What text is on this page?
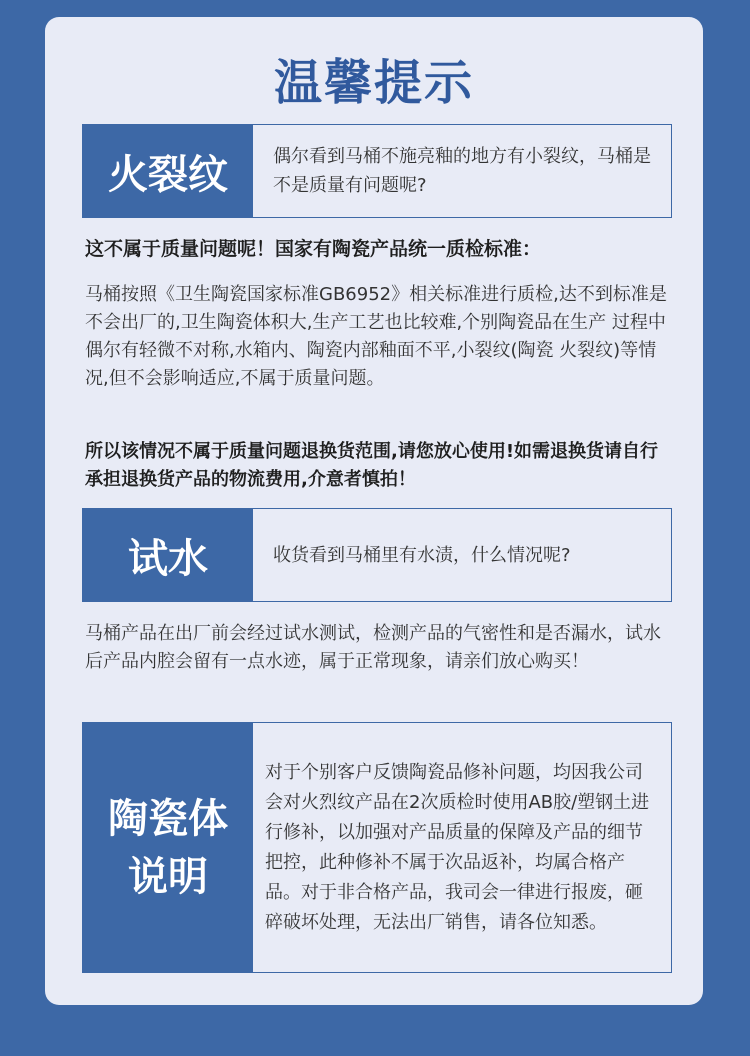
温馨提示
火裂纹	偶尔看到马桶不施亮釉的地方有小裂纹，马桶是不是质量有问题呢?
这不属于质量问题呢！国家有陶瓷产品统一质检标准：
马桶按照《卫生陶瓷国家标准GB6952》相关标准进行质检,达不到标准是不会出厂的,卫生陶瓷体积大,生产工艺也比较难,个别陶瓷品在生产 过程中偶尔有轻微不对称,水箱内、陶瓷内部釉面不平,小裂纹(陶瓷 火裂纹)等情况,但不会影响适应,不属于质量问题。
所以该情况不属于质量问题退换货范围,请您放心使用!如需退换货请自行承担退换货产品的物流费用,介意者慎拍！
试水	收货看到马桶里有水渍，什么情况呢?
马桶产品在出厂前会经过试水测试，检测产品的气密性和是否漏水，试水后产品内腔会留有一点水迹，属于正常现象，请亲们放心购买！
陶瓷体说明
对于个别客户反馈陶瓷品修补问题，均因我公司会对火烈纹产品在2次质检时使用AB胶/塑钢土进行修补，以加强对产品质量的保障及产品的细节把控，此种修补不属于次品返补，均属合格产品。对于非合格产品，我司会一律进行报废，砸碎破坏处理，无法出厂销售，请各位知悉。
